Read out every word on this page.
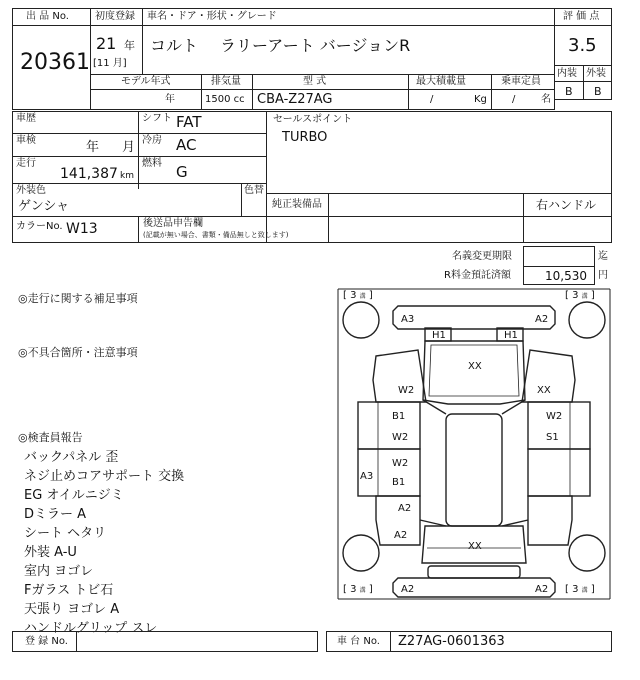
出 品 No.
20361
初度登録 車名・ドア・形状・グレード
21 年
[11 月]
コルト ラリーアート バージョンR
評 価 点
3.5
内装 外装
B B
モデル年式
年
排気量
1500 cc
型 式
CBA-Z27AG
最大積載量
/	Kg
乗車定員
/	名
車歴
車検	年 月
走行
141,387 km
シフト FAT
冷房 AC
燃料 G
外装色
ゲンシャ
色替
カラーNo. W13	後送品申告欄
(記載が無い場合、書類・備品無しと致します)
セールスポイント
TURBO
純正装備品	右ハンドル
名義変更期限	迄
R料金預託済額	10,530 円
◎走行に関する補足事項
◎不具合箇所・注意事項
◎検査員報告
バックパネル 歪
ネジ止めコアサポート 交換
EG オイルニジミ
Dミラー A
シート ヘタリ
外装 A-U
室内 ヨゴレ
Fガラス トビ石
天張り ヨゴレ A
ハンドルグリップ スレ
[ 3 溝 ]	[ 3 溝 ]
[ 3 溝 ]	[ 3 溝 ]
A3	A2
H1	H1
XX
W2	XX
B1
W2
W2
S1
W2
A3
B1
A2
A2
XX
A2	A2
登 録 No.	車 台 No. Z27AG-0601363
